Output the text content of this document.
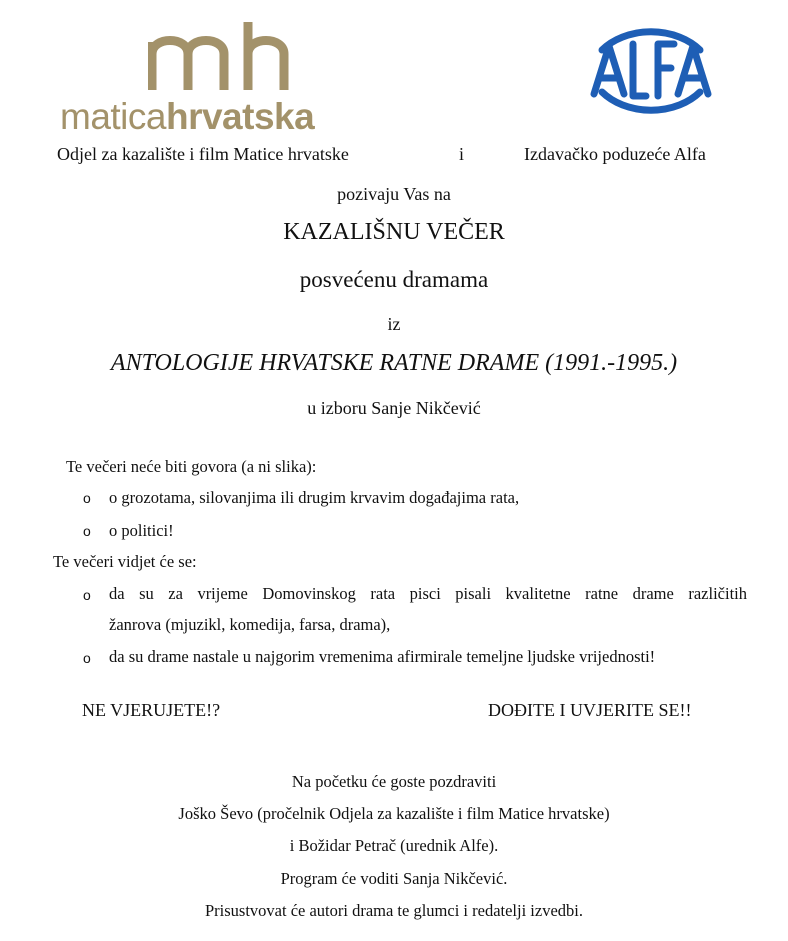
maticahrvatska
Odjel za kazalište i film Matice hrvatske	i	Izdavačko poduzeće Alfa
pozivaju Vas na
KAZALIŠNU VEČER
posvećenu dramama
iz
ANTOLOGIJE HRVATSKE RATNE DRAME (1991.-1995.)
u izboru Sanje Nikčević
Te večeri neće biti govora (a ni slika):
o o grozotama, silovanjima ili drugim krvavim događajima rata,
o o politici!
Te večeri vidjet će se:
o da su za vrijeme Domovinskog rata pisci pisali kvalitetne ratne drame različitih
žanrova (mjuzikl, komedija, farsa, drama),
o da su drame nastale u najgorim vremenima afirmirale temeljne ljudske vrijednosti!
NE VJERUJETE!?	DOĐITE I UVJERITE SE!!
Na početku će goste pozdraviti
Joško Ševo (pročelnik Odjela za kazalište i film Matice hrvatske)
i Božidar Petrač (urednik Alfe).
Program će voditi Sanja Nikčević.
Prisustvovat će autori drama te glumci i redatelji izvedbi.
